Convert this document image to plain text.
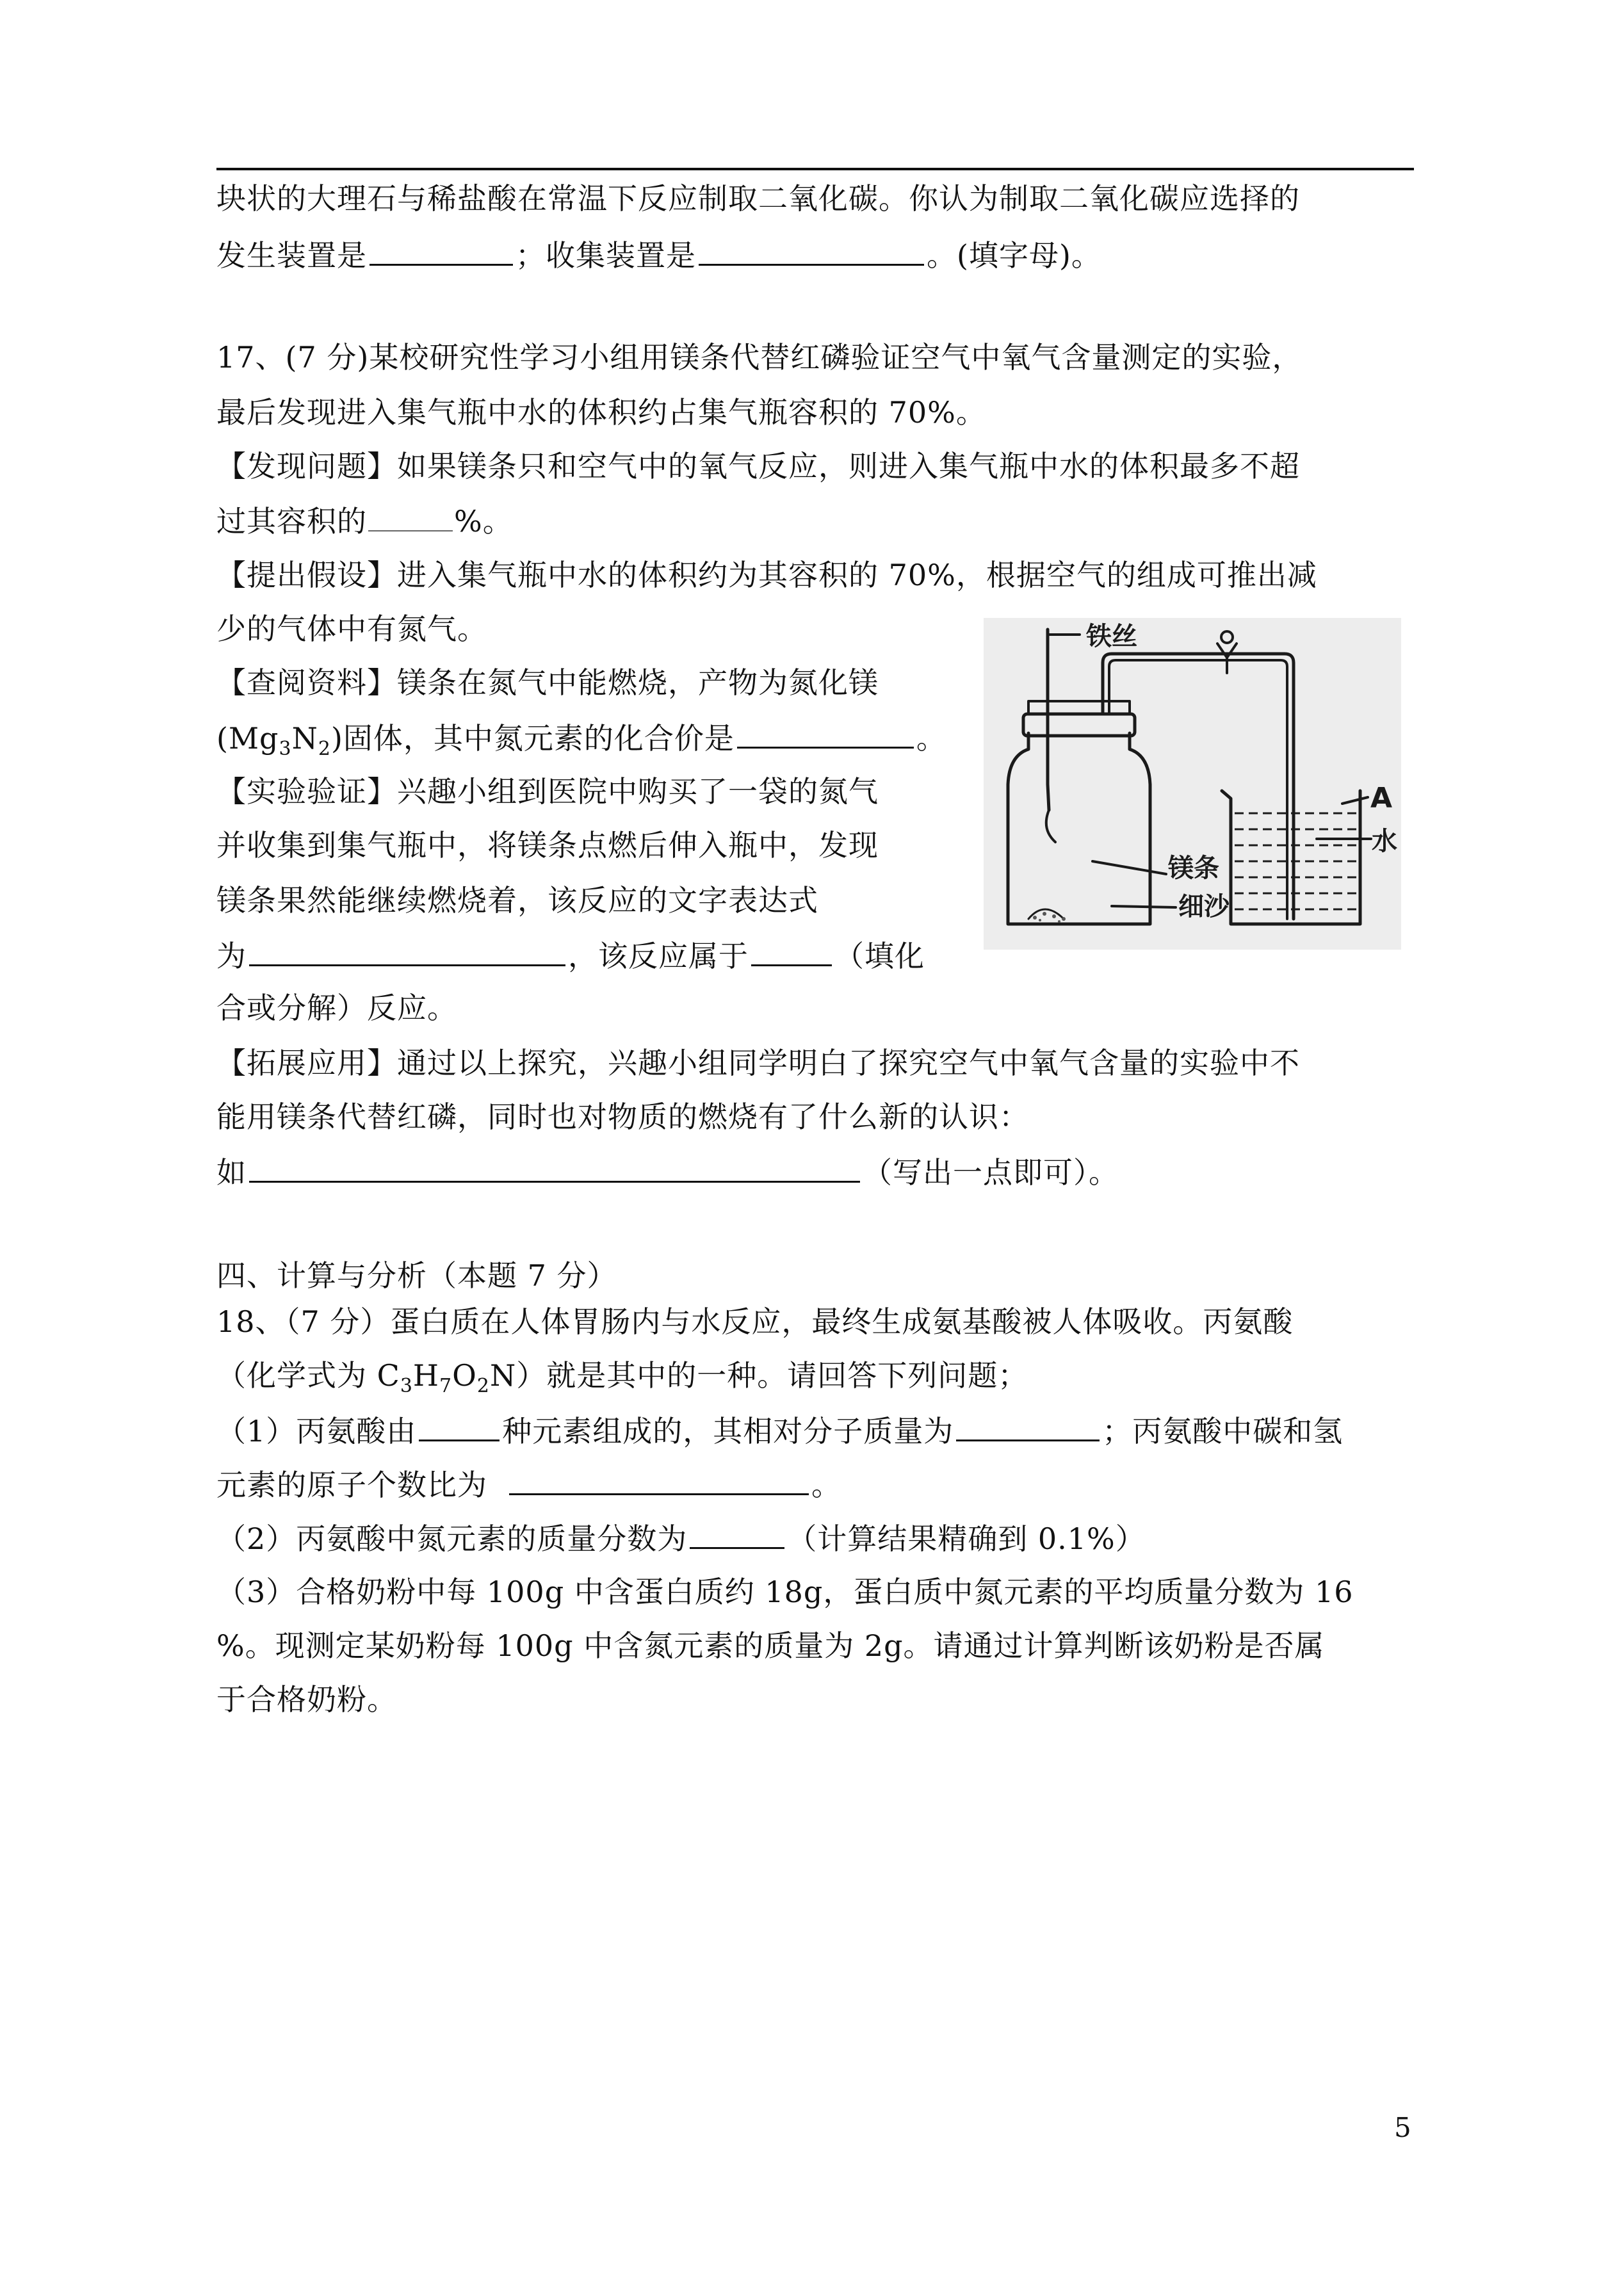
块状的大理石与稀盐酸在常温下反应制取二氧化碳。你认为制取二氧化碳应选择的
发生装置是	；收集装置是	。(填字母)。
17、(7 分)某校研究性学习小组用镁条代替红磷验证空气中氧气含量测定的实验，
最后发现进入集气瓶中水的体积约占集气瓶容积的 70%。
【发现问题】如果镁条只和空气中的氧气反应，则进入集气瓶中水的体积最多不超
过其容积的	%。
【提出假设】进入集气瓶中水的体积约为其容积的 70%，根据空气的组成可推出减
少的气体中有氮气。
【查阅资料】镁条在氮气中能燃烧，产物为氮化镁
$(Mg_3N_2)$固体，其中氮元素的化合价是	。
【实验验证】兴趣小组到医院中购买了一袋的氮气
并收集到集气瓶中，将镁条点燃后伸入瓶中，发现
镁条果然能继续燃烧着，该反应的文字表达式
为	，该反应属于	（填化
合或分解）反应。
【拓展应用】通过以上探究，兴趣小组同学明白了探究空气中氧气含量的实验中不
能用镁条代替红磷，同时也对物质的燃烧有了什么新的认识：
如	（写出一点即可）。
铁丝
A
水
镁条
细沙
四、计算与分析（本题 7 分）
18、（7 分）蛋白质在人体胃肠内与水反应，最终生成氨基酸被人体吸收。丙氨酸
（化学式为 $C_3H_7O_2N$）就是其中的一种。请回答下列问题；
（1）丙氨酸由	种元素组成的，其相对分子质量为	；丙氨酸中碳和氢
元素的原子个数比为	。
（2）丙氨酸中氮元素的质量分数为	（计算结果精确到 0.1%）
（3）合格奶粉中每 100g 中含蛋白质约 18g，蛋白质中氮元素的平均质量分数为 16
%。现测定某奶粉每 100g 中含氮元素的质量为 2g。请通过计算判断该奶粉是否属
于合格奶粉。
5
